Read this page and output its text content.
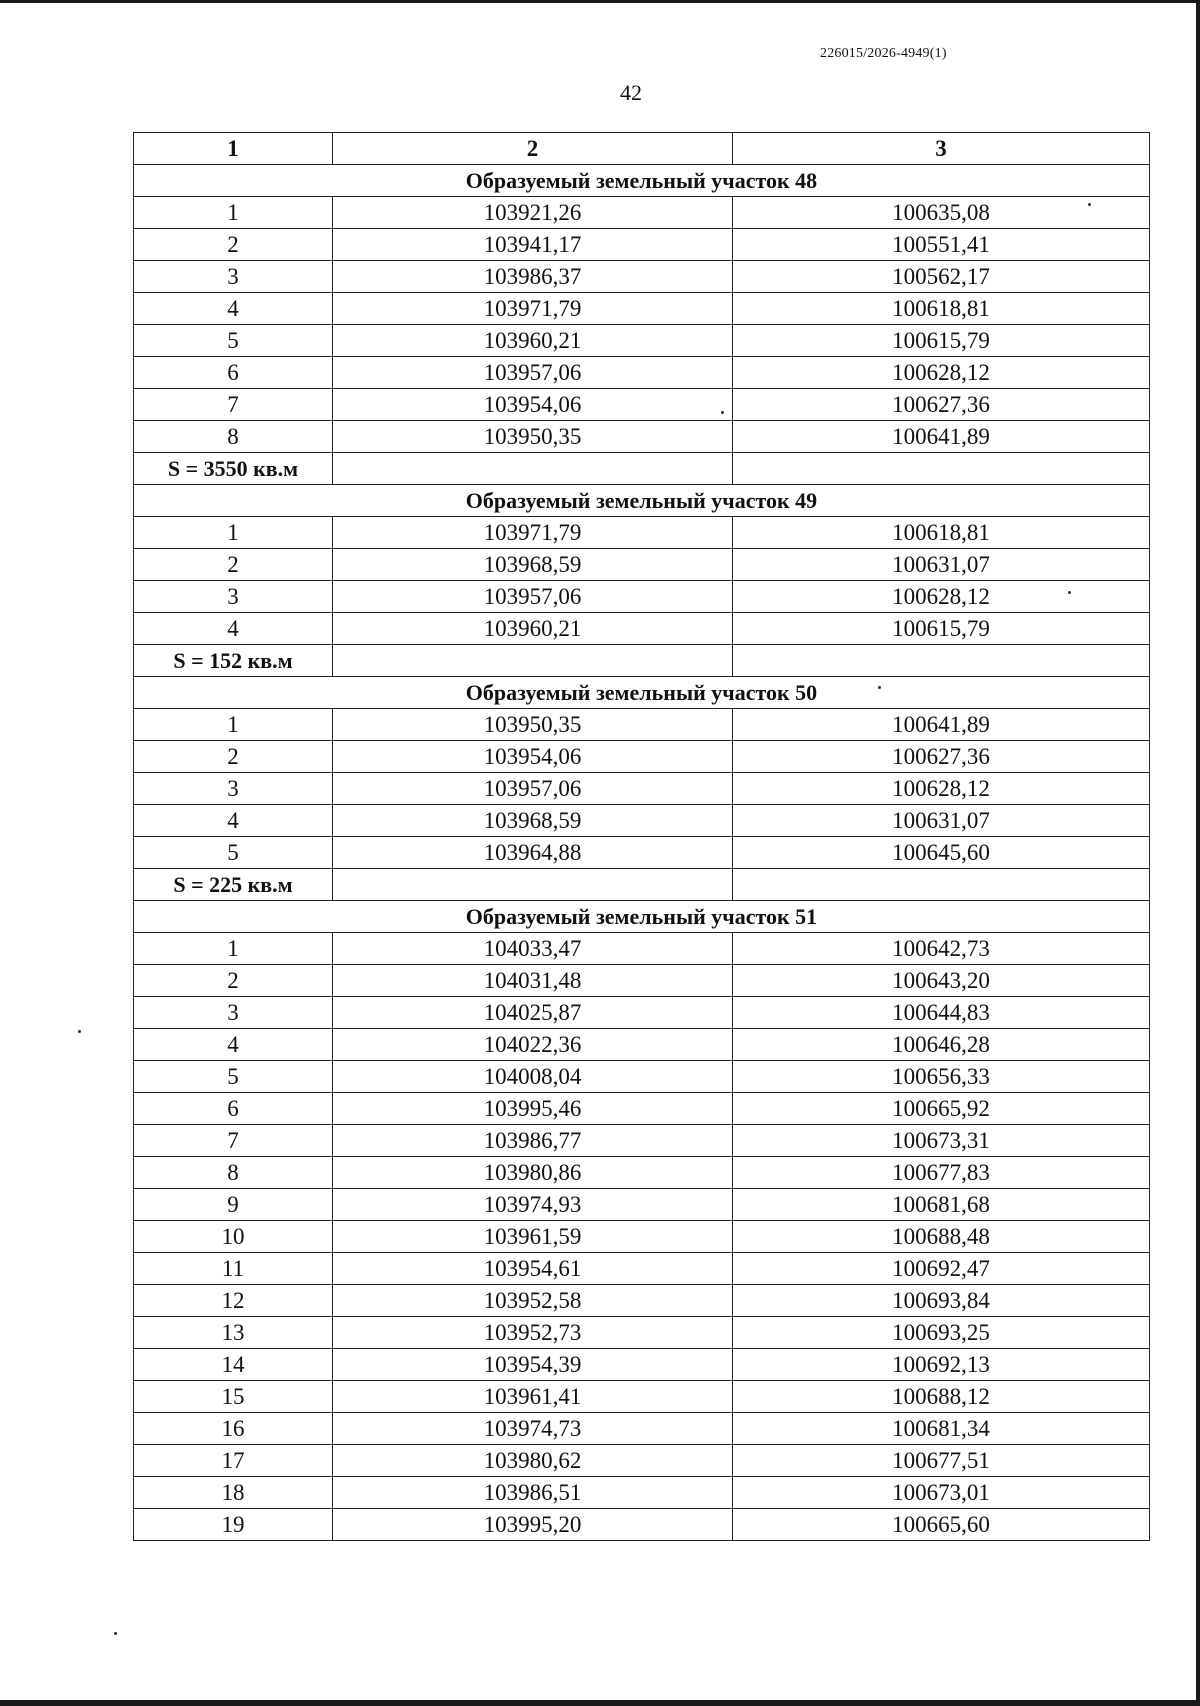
226015/2026-4949(1)
42
1	2	3
Образуемый земельный участок 48		
1	103921,26	100635,08
2	103941,17	100551,41
3	103986,37	100562,17
4	103971,79	100618,81
5	103960,21	100615,79
6	103957,06	100628,12
7	103954,06	100627,36
8	103950,35	100641,89
S = 3550 кв.м		
Образуемый земельный участок 49		
1	103971,79	100618,81
2	103968,59	100631,07
3	103957,06	100628,12
4	103960,21	100615,79
S = 152 кв.м		
Образуемый земельный участок 50		
1	103950,35	100641,89
2	103954,06	100627,36
3	103957,06	100628,12
4	103968,59	100631,07
5	103964,88	100645,60
S = 225 кв.м		
Образуемый земельный участок 51		
1	104033,47	100642,73
2	104031,48	100643,20
3	104025,87	100644,83
4	104022,36	100646,28
5	104008,04	100656,33
6	103995,46	100665,92
7	103986,77	100673,31
8	103980,86	100677,83
9	103974,93	100681,68
10	103961,59	100688,48
11	103954,61	100692,47
12	103952,58	100693,84
13	103952,73	100693,25
14	103954,39	100692,13
15	103961,41	100688,12
16	103974,73	100681,34
17	103980,62	100677,51
18	103986,51	100673,01
19	103995,20	100665,60
